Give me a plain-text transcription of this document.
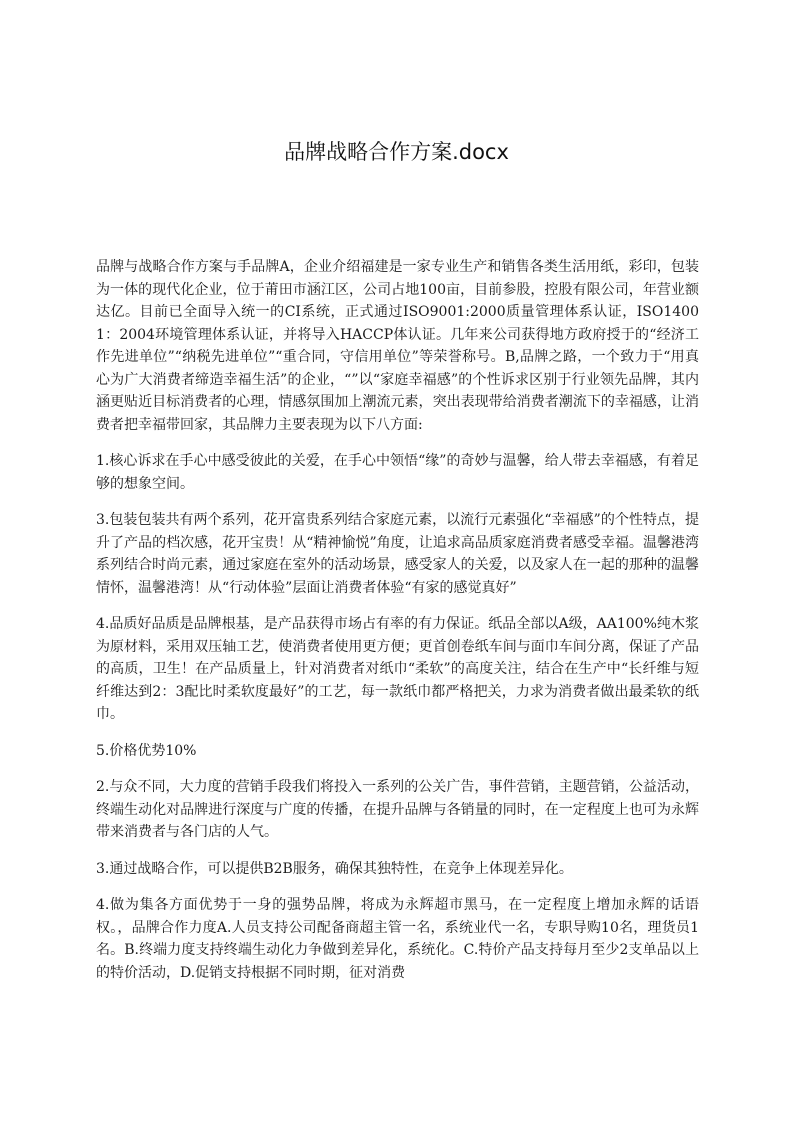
品牌战略合作方案.docx

品牌与战略合作方案与手品牌A，企业介绍福建是一家专业生产和销售各类生活用纸，彩印，包装为一体的现代化企业，位于莆田市涵江区，公司占地100亩，目前参股，控股有限公司，年营业额达亿。目前已全面导入统一的CI系统，正式通过ISO9001:2000质量管理体系认证，ISO14001：2004环境管理体系认证，并将导入HACCP体认证。几年来公司获得地方政府授于的“经济工作先进单位”“纳税先进单位”“重合同，守信用单位”等荣誉称号。B,品牌之路，一个致力于“用真心为广大消费者缔造幸福生活”的企业，“”以“家庭幸福感”的个性诉求区别于行业领先品牌，其内涵更贴近目标消费者的心理，情感氛围加上潮流元素，突出表现带给消费者潮流下的幸福感，让消费者把幸福带回家，其品牌力主要表现为以下八方面:

1.核心诉求在手心中感受彼此的关爱，在手心中领悟“缘”的奇妙与温馨，给人带去幸福感，有着足够的想象空间。

3.包装包装共有两个系列，花开富贵系列结合家庭元素，以流行元素强化“幸福感”的个性特点，提升了产品的档次感，花开宝贵！从“精神愉悦”角度，让追求高品质家庭消费者感受幸福。温馨港湾系列结合时尚元素，通过家庭在室外的活动场景，感受家人的关爱，以及家人在一起的那种的温馨情怀，温馨港湾！从“行动体验”层面让消费者体验“有家的感觉真好”

4.品质好品质是品牌根基，是产品获得市场占有率的有力保证。纸品全部以A级，AA100%纯木浆为原材料，采用双压轴工艺，使消费者使用更方便；更首创卷纸车间与面巾车间分离，保证了产品的高质，卫生！在产品质量上，针对消费者对纸巾“柔软”的高度关注，结合在生产中“长纤维与短纤维达到2：3配比时柔软度最好”的工艺，每一款纸巾都严格把关，力求为消费者做出最柔软的纸巾。

5.价格优势10%

2.与众不同，大力度的营销手段我们将投入一系列的公关广告，事件营销，主题营销，公益活动，终端生动化对品牌进行深度与广度的传播，在提升品牌与各销量的同时，在一定程度上也可为永辉带来消费者与各门店的人气。

3.通过战略合作，可以提供B2B服务，确保其独特性，在竞争上体现差异化。

4.做为集各方面优势于一身的强势品牌，将成为永辉超市黑马，在一定程度上增加永辉的话语权。，品牌合作力度A.人员支持公司配备商超主管一名，系统业代一名，专职导购10名，理货员1名。B.终端力度支持终端生动化力争做到差异化，系统化。C.特价产品支持每月至少2支单品以上的特价活动，D.促销支持根据不同时期，征对消费
